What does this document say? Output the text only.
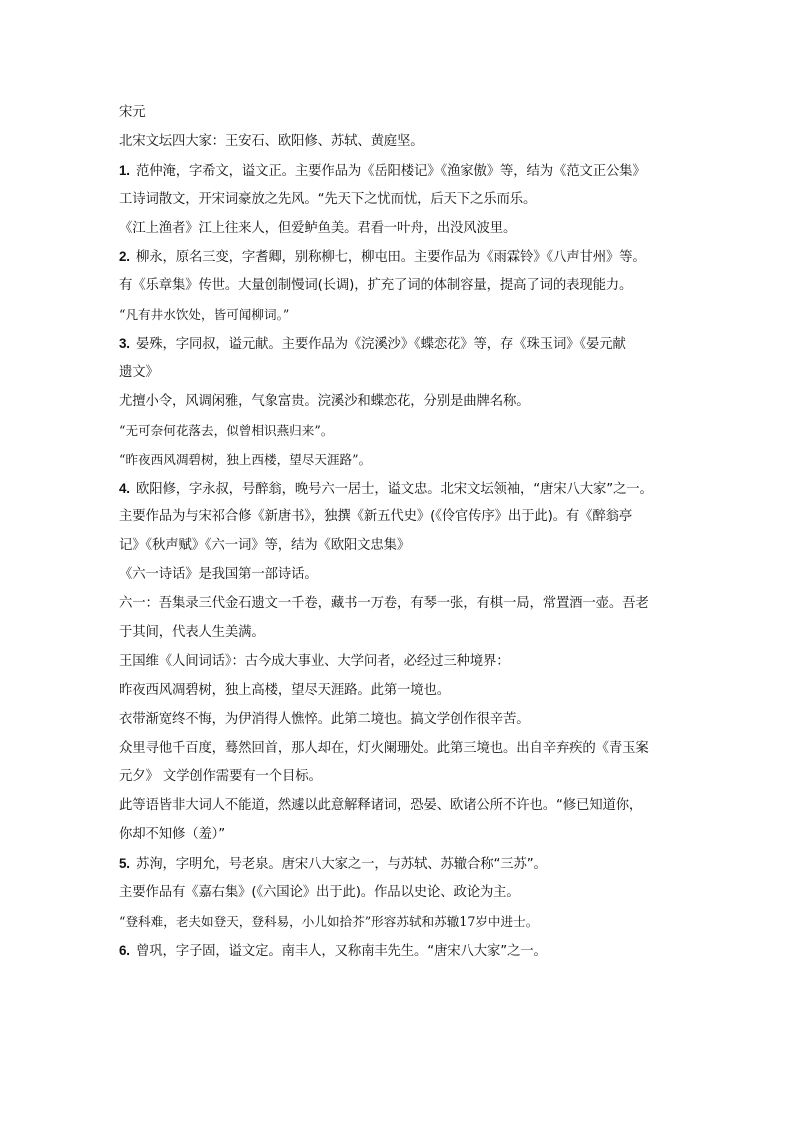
宋元
北宋文坛四大家：王安石、欧阳修、苏轼、黄庭坚。
1. 范仲淹，字希文，谥文正。主要作品为《岳阳楼记》《渔家傲》等，结为《范文正公集》
工诗词散文，开宋词豪放之先风。“先天下之忧而忧，后天下之乐而乐。
《江上渔者》江上往来人，但爱鲈鱼美。君看一叶舟，出没风波里。
2. 柳永，原名三变，字耆卿，别称柳七，柳屯田。主要作品为《雨霖铃》《八声甘州》等。
有《乐章集》传世。大量创制慢词(长调)，扩充了词的体制容量，提高了词的表现能力。
“凡有井水饮处，皆可闻柳词。”
3. 晏殊，字同叔，谥元献。主要作品为《浣溪沙》《蝶恋花》等，存《珠玉词》《晏元献
遗文》
尤擅小令，风调闲雅，气象富贵。浣溪沙和蝶恋花，分别是曲牌名称。
“无可奈何花落去，似曾相识燕归来”。
“昨夜西风凋碧树，独上西楼，望尽天涯路”。
4. 欧阳修，字永叔，号醉翁，晚号六一居士，谥文忠。北宋文坛领袖，“唐宋八大家”之一。
主要作品为与宋祁合修《新唐书》，独撰《新五代史》(《伶官传序》出于此)。有《醉翁亭
记》《秋声赋》《六一词》等，结为《欧阳文忠集》
《六一诗话》是我国第一部诗话。
六一：吾集录三代金石遗文一千卷，藏书一万卷，有琴一张，有棋一局，常置酒一壶。吾老
于其间，代表人生美满。
王国维《人间词话》：古今成大事业、大学问者，必经过三种境界：
昨夜西风凋碧树，独上高楼，望尽天涯路。此第一境也。
衣带渐宽终不悔，为伊消得人憔悴。此第二境也。搞文学创作很辛苦。
众里寻他千百度，蓦然回首，那人却在，灯火阑珊处。此第三境也。出自辛弃疾的《青玉案
元夕》 文学创作需要有一个目标。
此等语皆非大词人不能道，然遽以此意解释诸词，恐晏、欧诸公所不许也。“修已知道你，
你却不知修（羞）”
5. 苏洵，字明允，号老泉。唐宋八大家之一，与苏轼、苏辙合称“三苏”。
主要作品有《嘉右集》(《六国论》出于此)。作品以史论、政论为主。
“登科难，老夫如登天，登科易，小儿如拾芥”形容苏轼和苏辙17岁中进士。
6. 曾巩，字子固，谥文定。南丰人，又称南丰先生。“唐宋八大家”之一。
